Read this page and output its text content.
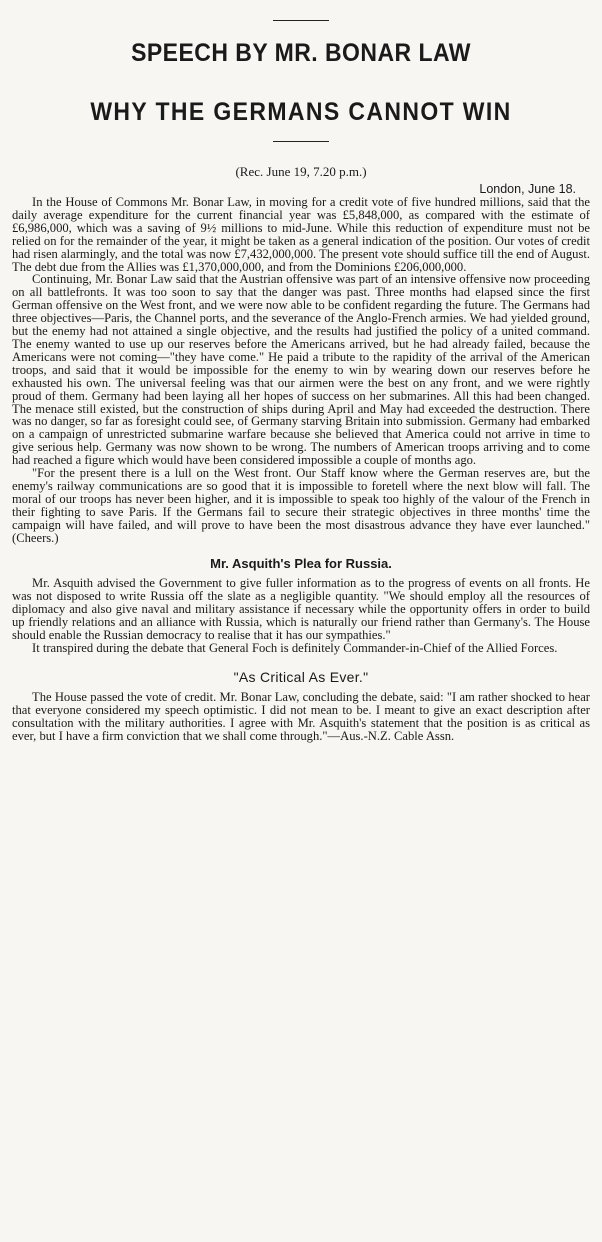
SPEECH BY MR. BONAR LAW
WHY THE GERMANS CANNOT WIN
(Rec. June 19, 7.20 p.m.)
London, June 18.

In the House of Commons Mr. Bonar Law, in moving for a credit vote of five hundred millions, said that the daily average expenditure for the current financial year was £5,848,000, as compared with the estimate of £6,986,000, which was a saving of 9½ millions to mid-June. While this reduction of expenditure must not be relied on for the remainder of the year, it might be taken as a general indication of the position. Our votes of credit had risen alarmingly, and the total was now £7,432,000,000. The present vote should suffice till the end of August. The debt due from the Allies was £1,370,000,000, and from the Dominions £206,000,000.

Continuing, Mr. Bonar Law said that the Austrian offensive was part of an intensive offensive now proceeding on all battlefronts. It was too soon to say that the danger was past. Three months had elapsed since the first German offensive on the West front, and we were now able to be confident regarding the future. The Germans had three objectives—Paris, the Channel ports, and the severance of the Anglo-French armies. We had yielded ground, but the enemy had not attained a single objective, and the results had justified the policy of a united command. The enemy wanted to use up our reserves before the Americans arrived, but he had already failed, because the Americans were not coming—"they have come." He paid a tribute to the rapidity of the arrival of the American troops, and said that it would be impossible for the enemy to win by wearing down our reserves before he exhausted his own. The universal feeling was that our airmen were the best on any front, and we were rightly proud of them. Germany had been laying all her hopes of success on her submarines. All this had been changed. The menace still existed, but the construction of ships during April and May had exceeded the destruction. There was no danger, so far as foresight could see, of Germany starving Britain into submission. Germany had embarked on a campaign of unrestricted submarine warfare because she believed that America could not arrive in time to give serious help. Germany was now shown to be wrong. The numbers of American troops arriving and to come had reached a figure which would have been considered impossible a couple of months ago.

"For the present there is a lull on the West front. Our Staff know where the German reserves are, but the enemy's railway communications are so good that it is impossible to foretell where the next blow will fall. The moral of our troops has never been higher, and it is impossible to speak too highly of the valour of the French in their fighting to save Paris. If the Germans fail to secure their strategic objectives in three months' time the campaign will have failed, and will prove to have been the most disastrous advance they have ever launched." (Cheers.)

Mr. Asquith's Plea for Russia.

Mr. Asquith advised the Government to give fuller information as to the progress of events on all fronts. He was not disposed to write Russia off the slate as a negligible quantity. "We should employ all the resources of diplomacy and also give naval and military assistance if necessary while the opportunity offers in order to build up friendly relations and an alliance with Russia, which is naturally our friend rather than Germany's. The House should enable the Russian democracy to realise that it has our sympathies."

It transpired during the debate that General Foch is definitely Commander-in-Chief of the Allied Forces.

"As Critical As Ever."

The House passed the vote of credit. Mr. Bonar Law, concluding the debate, said: "I am rather shocked to hear that everyone considered my speech optimistic. I did not mean to be. I meant to give an exact description after consultation with the military authorities. I agree with Mr. Asquith's statement that the position is as critical as ever, but I have a firm conviction that we shall come through."—Aus.-N.Z. Cable Assn.
